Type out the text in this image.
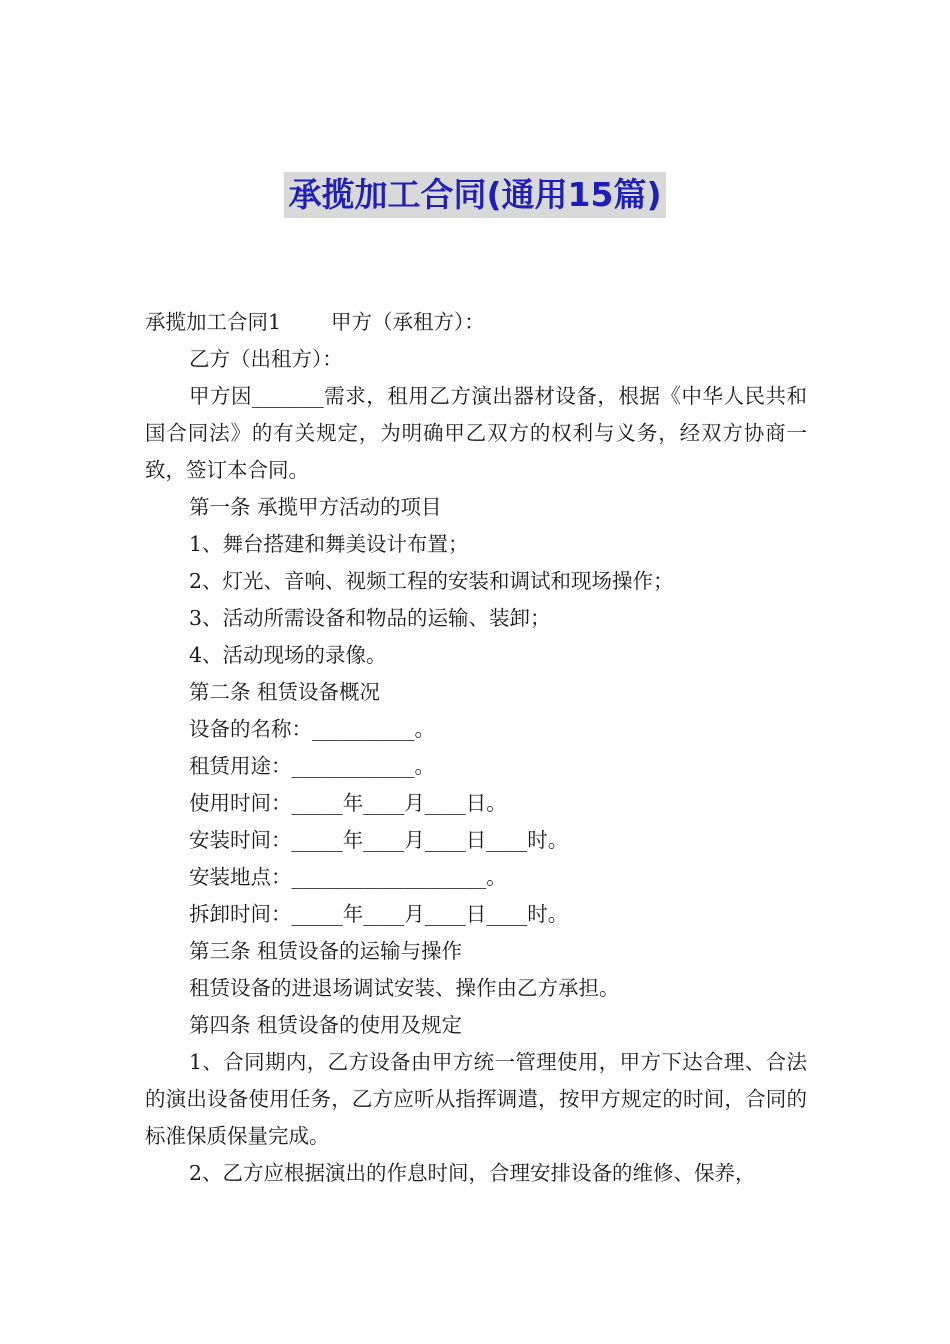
承揽加工合同(通用15篇)

承揽加工合同1 甲方（承租方）：

乙方（出租方）：

甲方因_______需求，租用乙方演出器材设备，根据《中华人民共和国合同法》的有关规定，为明确甲乙双方的权利与义务，经双方协商一致，签订本合同。

第一条 承揽甲方活动的项目

1、舞台搭建和舞美设计布置；

2、灯光、音响、视频工程的安装和调试和现场操作；

3、活动所需设备和物品的运输、装卸；

4、活动现场的录像。

第二条 租赁设备概况

设备的名称：__________。

租赁用途：____________。

使用时间：_____年____月____日。

安装时间：_____年____月____日____时。

安装地点：___________________。

拆卸时间：_____年____月____日____时。

第三条 租赁设备的运输与操作

租赁设备的进退场调试安装、操作由乙方承担。

第四条 租赁设备的使用及规定

1、合同期内，乙方设备由甲方统一管理使用，甲方下达合理、合法的演出设备使用任务，乙方应听从指挥调遣，按甲方规定的时间，合同的标准保质保量完成。

2、乙方应根据演出的作息时间，合理安排设备的维修、保养，
